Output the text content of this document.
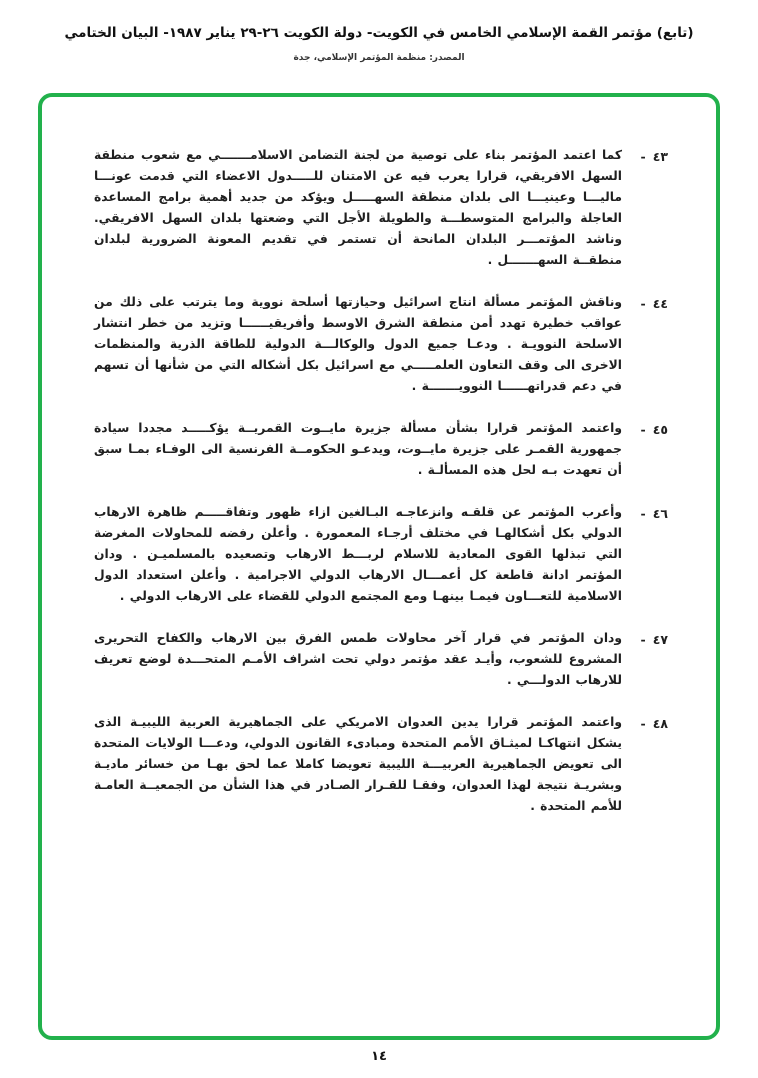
(تابع) مؤتمر القمة الإسلامي الخامس في الكويت- دولة الكويت ٢٦-٢٩ يناير ١٩٨٧- البيان الختامي
المصدر: منظمة المؤتمر الإسلامي، جدة
٤٣
-
كما اعتمد المؤتمر بناء على توصية من لجنة التضامن الاسلامـــــــي مع شعوب منطقة السهل الافريقي، قرارا يعرب فيه عن الامتنان للـــــدول الاعضاء التي قدمت عونـــا ماليـــا وعينيـــا الى بلدان منطقة السهـــــل ويؤكد من جديد أهمية برامج المساعدة العاجلة والبرامج المتوسطـــة والطويلة الأجل التي وضعتها بلدان السهل الافريقي. وناشد المؤتمـــر البلدان المانحة أن تستمر في تقديم المعونة الضرورية لبلدان منطقــة السهـــــــل .
٤٤
-
وناقش المؤتمر مسألة انتاج اسرائيل وحيازتها أسلحة نووية وما يترتب على ذلك من عواقب خطيرة تهدد أمن منطقة الشرق الاوسط وأفريقيــــــا وتزيد من خطر انتشار الاسلحة النوويـة . ودعـا جميع الدول والوكالـــة الدولية للطاقة الذرية والمنظمات الاخرى الى وقف التعاون العلمـــــي مع اسرائيل بكل أشكاله التي من شأنها أن تسهم في دعم قدراتهــــــا النوويـــــــة .
٤٥
-
واعتمد المؤتمر قرارا بشأن مسألة جزيرة مايــوت القمريــة يؤكـــــد مجددا سيادة جمهورية القمـر على جزيرة مايــوت، ويدعـو الحكومــة الفرنسية الى الوفـاء بمـا سبق أن تعهدت بـه لحل هذه المسألـة .
٤٦
-
وأعرب المؤتمر عن قلقـه وانزعاجـه البـالغين ازاء ظهور وتفاقـــــم ظاهرة الارهاب الدولي بكل أشكالهـا في مختلف أرجـاء المعمورة . وأعلن رفضه للمحاولات المغرضة التي تبذلها القوى المعادية للاسلام لربـــط الارهاب وتصعيده بالمسلميـن . ودان المؤتمر ادانة قاطعة كل أعمـــال الارهاب الدولي الاجرامية . وأعلن استعداد الدول الاسلامية للتعـــاون فيمـا بينهـا ومع المجتمع الدولي للقضاء على الارهاب الدولي .
٤٧
-
ودان المؤتمر في قرار آخر محاولات طمس الفرق بين الارهاب والكفاح التحريرى المشروع للشعوب، وأيـد عقد مؤتمر دولي تحت اشراف الأمـم المتحـــدة لوضع تعريف للارهاب الدولـــي .
٤٨
-
واعتمد المؤتمر قرارا يدين العدوان الامريكي على الجماهيرية العربية الليبيـة الذى يشكل انتهاكـا لميثـاق الأمم المتحدة ومبادىء القانون الدولي، ودعـــا الولايات المتحدة الى تعويض الجماهيرية العربيـــة الليبية تعويضا كاملا عما لحق بهـا من خسائر ماديـة وبشريـة نتيجة لهذا العدوان، وفقـا للقـرار الصـادر في هذا الشأن من الجمعيــة العامـة للأمم المتحدة .
١٤
